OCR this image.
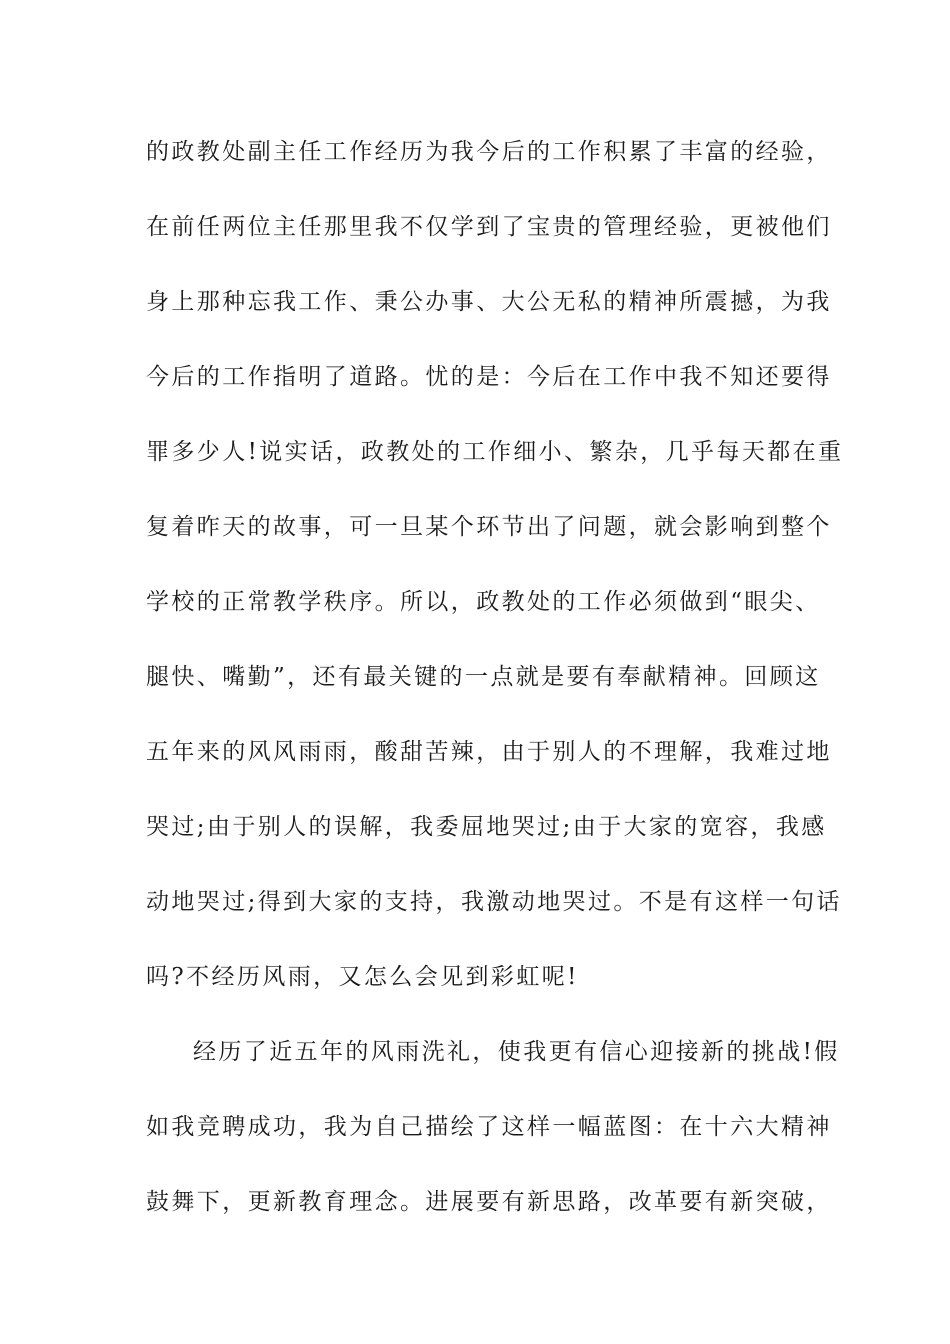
的政教处副主任工作经历为我今后的工作积累了丰富的经验，
在前任两位主任那里我不仅学到了宝贵的管理经验，更被他们
身上那种忘我工作、秉公办事、大公无私的精神所震撼，为我
今后的工作指明了道路。忧的是：今后在工作中我不知还要得
罪多少人!说实话，政教处的工作细小、繁杂，几乎每天都在重
复着昨天的故事，可一旦某个环节出了问题，就会影响到整个
学校的正常教学秩序。所以，政教处的工作必须做到“眼尖、
腿快、嘴勤”，还有最关键的一点就是要有奉献精神。回顾这
五年来的风风雨雨，酸甜苦辣，由于别人的不理解，我难过地
哭过;由于别人的误解，我委屈地哭过;由于大家的宽容，我感
动地哭过;得到大家的支持，我激动地哭过。不是有这样一句话
吗?不经历风雨，又怎么会见到彩虹呢!
经历了近五年的风雨洗礼，使我更有信心迎接新的挑战!假
如我竞聘成功，我为自己描绘了这样一幅蓝图：在十六大精神
鼓舞下，更新教育理念。进展要有新思路，改革要有新突破，
